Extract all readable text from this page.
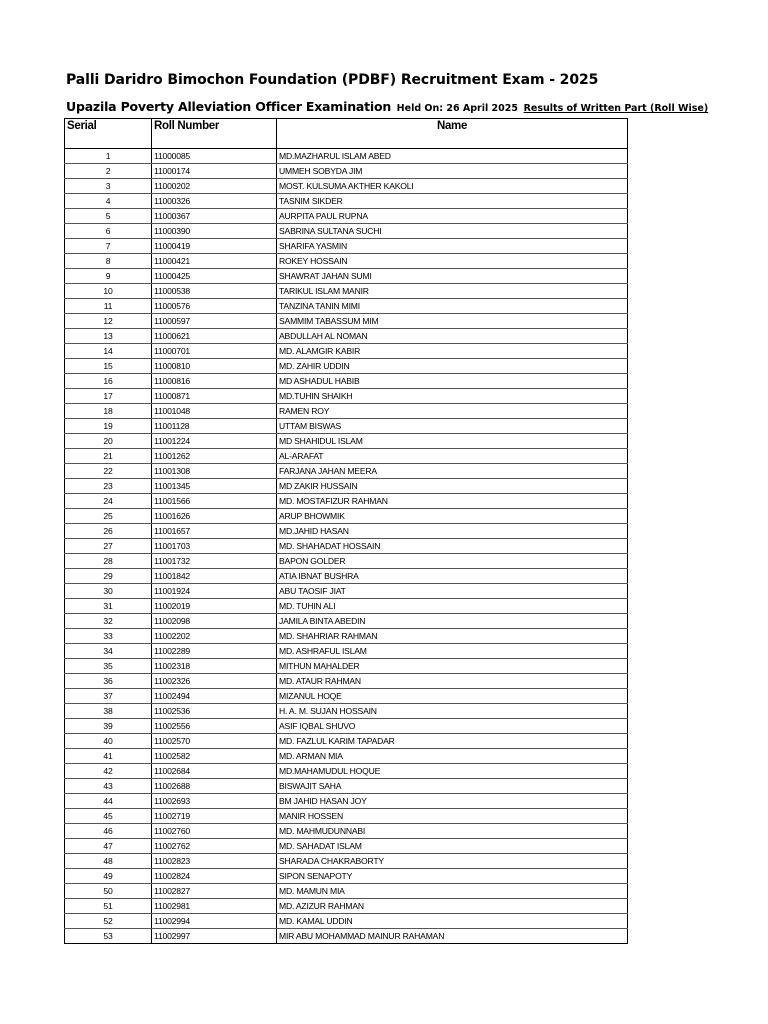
Palli Daridro Bimochon Foundation (PDBF) Recruitment Exam - 2025
Upazila Poverty Alleviation Officer Examination Held On: 26 April 2025 Results of Written Part (Roll Wise)
Serial	Roll Number	Name
1	11000085	MD.MAZHARUL ISLAM ABED
2	11000174	UMMEH SOBYDA JIM
3	11000202	MOST. KULSUMA AKTHER KAKOLI
4	11000326	TASNIM SIKDER
5	11000367	AURPITA PAUL RUPNA
6	11000390	SABRINA SULTANA SUCHI
7	11000419	SHARIFA YASMIN
8	11000421	ROKEY HOSSAIN
9	11000425	SHAWRAT JAHAN SUMI
10	11000538	TARIKUL ISLAM MANIR
11	11000576	TANZINA TANIN MIMI
12	11000597	SAMMIM TABASSUM MIM
13	11000621	ABDULLAH AL NOMAN
14	11000701	MD. ALAMGIR KABIR
15	11000810	MD. ZAHIR UDDIN
16	11000816	MD ASHADUL HABIB
17	11000871	MD.TUHIN SHAIKH
18	11001048	RAMEN ROY
19	11001128	UTTAM BISWAS
20	11001224	MD SHAHIDUL ISLAM
21	11001262	AL-ARAFAT
22	11001308	FARJANA JAHAN MEERA
23	11001345	MD ZAKIR HUSSAIN
24	11001566	MD. MOSTAFIZUR RAHMAN
25	11001626	ARUP BHOWMIK
26	11001657	MD.JAHID HASAN
27	11001703	MD. SHAHADAT HOSSAIN
28	11001732	BAPON GOLDER
29	11001842	ATIA IBNAT BUSHRA
30	11001924	ABU TAOSIF JIAT
31	11002019	MD. TUHIN ALI
32	11002098	JAMILA BINTA ABEDIN
33	11002202	MD. SHAHRIAR RAHMAN
34	11002289	MD. ASHRAFUL ISLAM
35	11002318	MITHUN MAHALDER
36	11002326	MD. ATAUR RAHMAN
37	11002494	MIZANUL HOQE
38	11002536	H. A. M. SUJAN HOSSAIN
39	11002556	ASIF IQBAL SHUVO
40	11002570	MD. FAZLUL KARIM TAPADAR
41	11002582	MD. ARMAN MIA
42	11002684	MD.MAHAMUDUL HOQUE
43	11002688	BISWAJIT SAHA
44	11002693	BM JAHID HASAN JOY
45	11002719	MANIR HOSSEN
46	11002760	MD. MAHMUDUNNABI
47	11002762	MD. SAHADAT ISLAM
48	11002823	SHARADA CHAKRABORTY
49	11002824	SIPON SENAPOTY
50	11002827	MD. MAMUN MIA
51	11002981	MD. AZIZUR RAHMAN
52	11002994	MD. KAMAL UDDIN
53	11002997	MIR ABU MOHAMMAD MAINUR RAHAMAN
